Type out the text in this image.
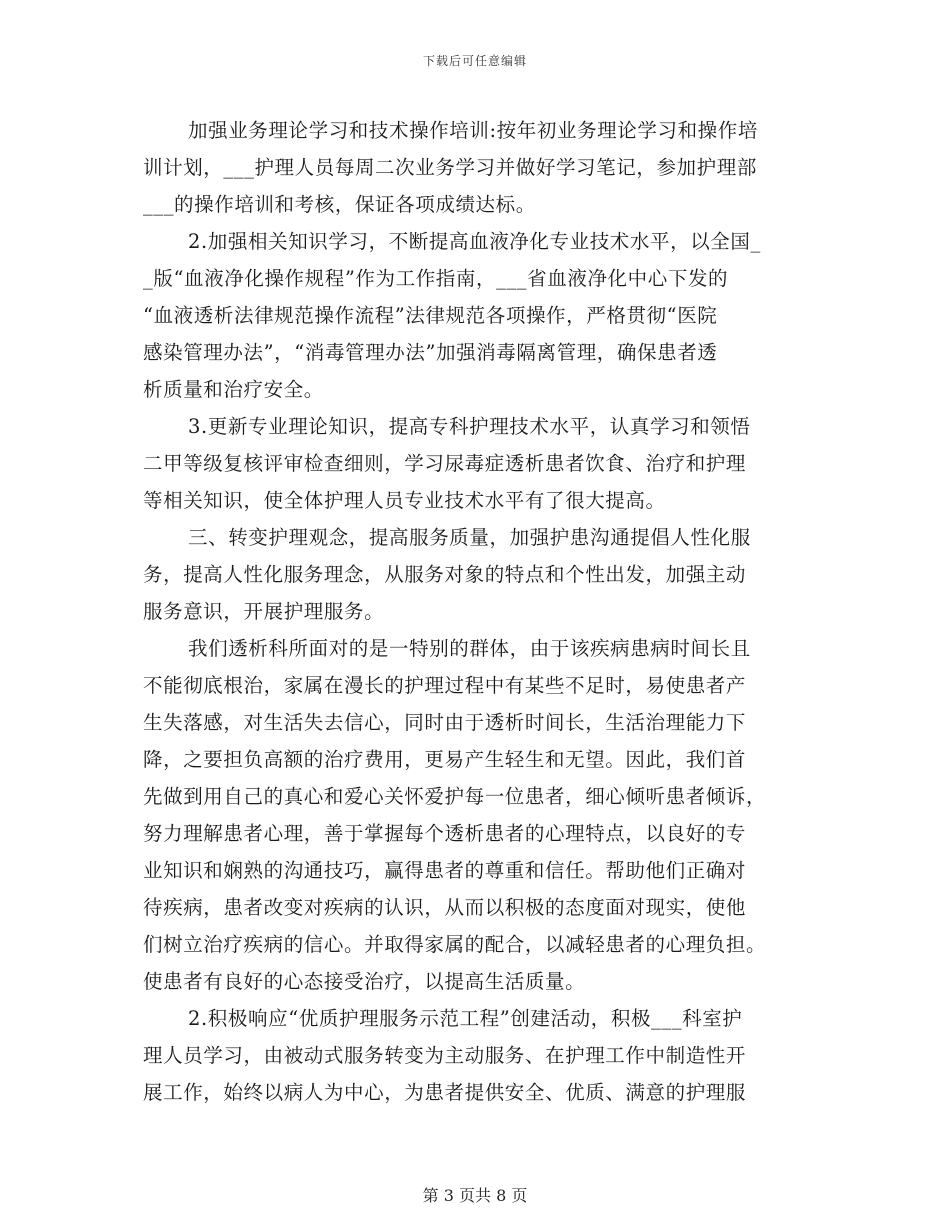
下载后可任意编辑
加强业务理论学习和技术操作培训:按年初业务理论学习和操作培
训计划，___护理人员每周二次业务学习并做好学习笔记，参加护理部
___的操作培训和考核，保证各项成绩达标。
2.加强相关知识学习，不断提高血液净化专业技术水平，以全国_
_版“血液净化操作规程”作为工作指南，___省血液净化中心下发的
“血液透析法律规范操作流程”法律规范各项操作，严格贯彻“医院
感染管理办法”，“消毒管理办法”加强消毒隔离管理，确保患者透
析质量和治疗安全。
3.更新专业理论知识，提高专科护理技术水平，认真学习和领悟
二甲等级复核评审检查细则，学习尿毒症透析患者饮食、治疗和护理
等相关知识，使全体护理人员专业技术水平有了很大提高。
三、转变护理观念，提高服务质量，加强护患沟通提倡人性化服
务，提高人性化服务理念，从服务对象的特点和个性出发，加强主动
服务意识，开展护理服务。
我们透析科所面对的是一特别的群体，由于该疾病患病时间长且
不能彻底根治，家属在漫长的护理过程中有某些不足时，易使患者产
生失落感，对生活失去信心，同时由于透析时间长，生活治理能力下
降，之要担负高额的治疗费用，更易产生轻生和无望。因此，我们首
先做到用自己的真心和爱心关怀爱护每一位患者，细心倾听患者倾诉，
努力理解患者心理，善于掌握每个透析患者的心理特点，以良好的专
业知识和娴熟的沟通技巧，赢得患者的尊重和信任。帮助他们正确对
待疾病，患者改变对疾病的认识，从而以积极的态度面对现实，使他
们树立治疗疾病的信心。并取得家属的配合，以减轻患者的心理负担。
使患者有良好的心态接受治疗，以提高生活质量。
2.积极响应“优质护理服务示范工程”创建活动，积极___科室护
理人员学习，由被动式服务转变为主动服务、在护理工作中制造性开
展工作，始终以病人为中心，为患者提供安全、优质、满意的护理服
第 3 页共 8 页
